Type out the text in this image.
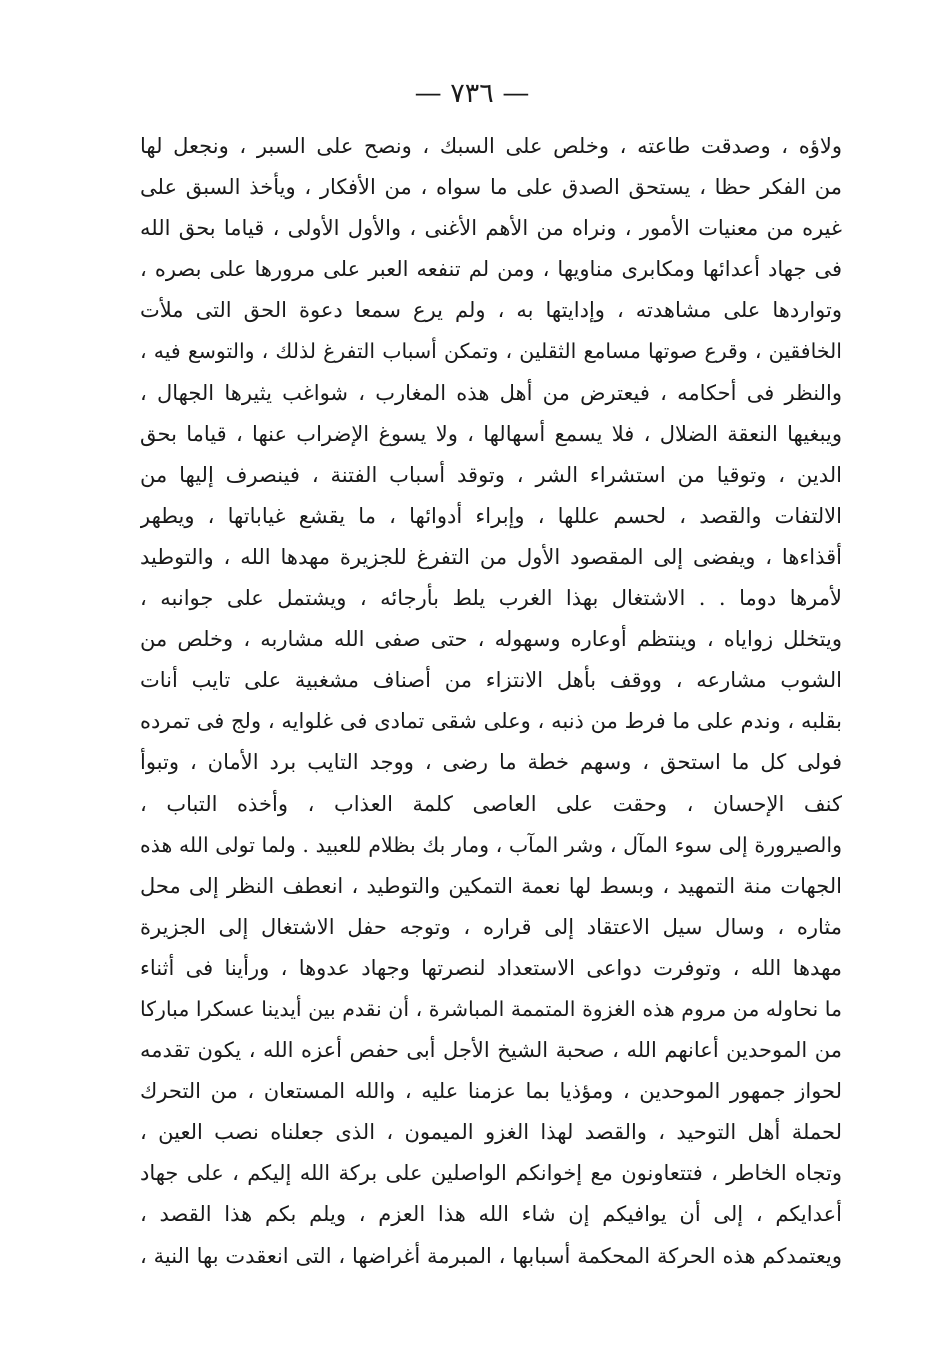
— ٧٣٦ —
ولاؤه ، وصدقت طاعته ، وخلص على السبك ، ونصح على السبر ، ونجعل لها
من الفكر حظا ، يستحق الصدق على ما سواه ، من الأفكار ، ويأخذ السبق على
غيره من معنيات الأمور ، ونراه من الأهم الأغنى ، والأول الأولى ، قياما بحق الله
فى جهاد أعدائها ومكابرى مناويها ، ومن لم تنفعه العبر على مرورها على بصره ،
وتواردها على مشاهدته ، وإدايتها به ، ولم يرع سمعا دعوة الحق التى ملأت
الخافقين ، وقرع صوتها مسامع الثقلين ، وتمكن أسباب التفرغ لذلك ، والتوسع فيه ،
والنظر فى أحكامه ، فيعترض من أهل هذه المغارب ، شواغب يثيرها الجهال ،
ويبغيها النعقة الضلال ، فلا يسمع أسهالها ، ولا يسوغ الإضراب عنها ، قياما بحق
الدين ، وتوقيا من استشراء الشر ، وتوقد أسباب الفتنة ، فينصرف إليها من
الالتفات والقصد ، لحسم عللها ، وإبراء أدوائها ، ما يقشع غياباتها ، ويطهر
أقذاءها ، ويفضى إلى المقصود الأول من التفرغ للجزيرة مهدها الله ، والتوطيد
لأمرها دوما . . الاشتغال بهذا الغرب يلط بأرجائه ، ويشتمل على جوانبه ،
ويتخلل زواياه ، وينتظم أوعاره وسهوله ، حتى صفى الله مشاربه ، وخلص من
الشوب مشارعه ، ووقف بأهل الانتزاء من أصناف مشغبية على تايب أنات
بقلبه ، وندم على ما فرط من ذنبه ، وعلى شقى تمادى فى غلوايه ، ولج فى تمرده
فولى كل ما استحق ، وسهم خطة ما رضى ، ووجد التايب برد الأمان ، وتبوأ
كنف الإحسان ، وحقت على العاصى كلمة العذاب ، وأخذه التباب ،
والصيرورة إلى سوء المآل ، وشر المآب ، ومار بك بظلام للعبيد . ولما تولى الله هذه
الجهات منة التمهيد ، وبسط لها نعمة التمكين والتوطيد ، انعطف النظر إلى محل
مثاره ، وسال سيل الاعتقاد إلى قراره ، وتوجه حفل الاشتغال إلى الجزيرة
مهدها الله ، وتوفرت دواعى الاستعداد لنصرتها وجهاد عدوها ، ورأينا فى أثناء
ما نحاوله من مروم هذه الغزوة المتممة المباشرة ، أن نقدم بين أيدينا عسكرا مباركا
من الموحدين أعانهم الله ، صحبة الشيخ الأجل أبى حفص أعزه الله ، يكون تقدمه
لحواز جمهور الموحدين ، ومؤذيا بما عزمنا عليه ، والله المستعان ، من التحرك
لحملة أهل التوحيد ، والقصد لهذا الغزو الميمون ، الذى جعلناه نصب العين ،
وتجاه الخاطر ، فتتعاونون مع إخوانكم الواصلين على بركة الله إليكم ، على جهاد
أعدايكم ، إلى أن يوافيكم إن شاء الله هذا العزم ، ويلم بكم هذا القصد ،
ويعتمدكم هذه الحركة المحكمة أسبابها ، المبرمة أغراضها ، التى انعقدت بها النية ،
